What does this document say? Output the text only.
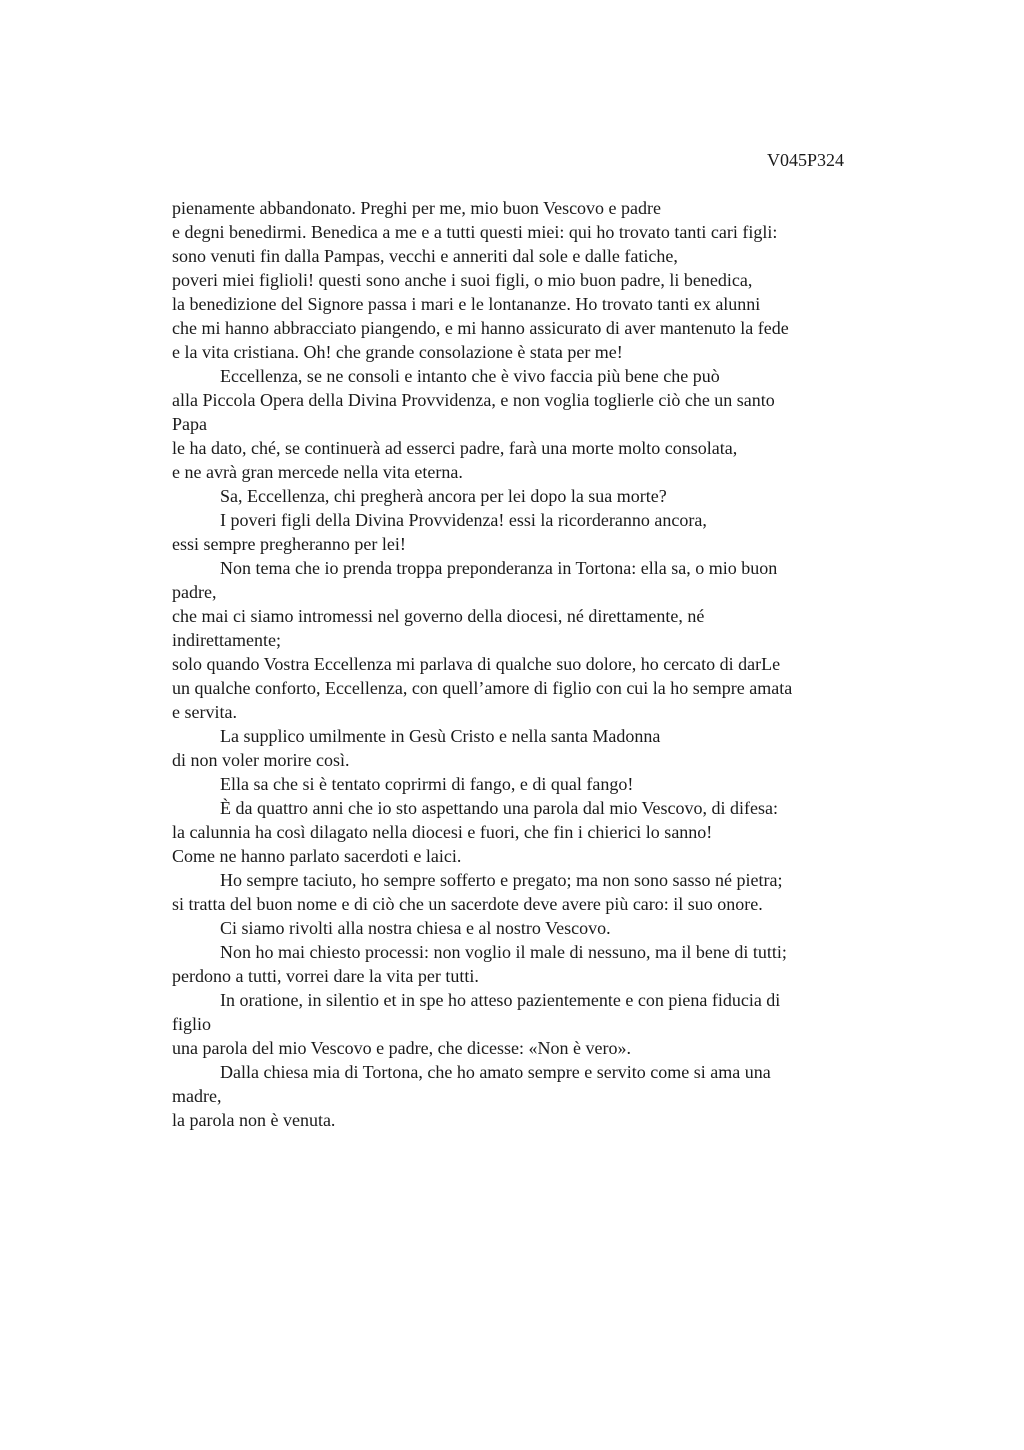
V045P324
pienamente abbandonato. Preghi per me, mio buon Vescovo e padre
e degni benedirmi. Benedica a me e a tutti questi miei: qui ho trovato tanti cari figli:
sono venuti fin dalla Pampas, vecchi e anneriti dal sole e dalle fatiche,
poveri miei figlioli! questi sono anche i suoi figli, o mio buon padre, li benedica,
la benedizione del Signore passa i mari e le lontananze. Ho trovato tanti ex alunni
che mi hanno abbracciato piangendo, e mi hanno assicurato di aver mantenuto la fede
e la vita cristiana. Oh! che grande consolazione è stata per me!
Eccellenza, se ne consoli e intanto che è vivo faccia più bene che può
alla Piccola Opera della Divina Provvidenza, e non voglia toglierle ciò che un santo
Papa
le ha dato, ché, se continuerà ad esserci padre, farà una morte molto consolata,
e ne avrà gran mercede nella vita eterna.
Sa, Eccellenza, chi pregherà ancora per lei dopo la sua morte?
I poveri figli della Divina Provvidenza! essi la ricorderanno ancora,
essi sempre pregheranno per lei!
Non tema che io prenda troppa preponderanza in Tortona: ella sa, o mio buon
padre,
che mai ci siamo intromessi nel governo della diocesi, né direttamente, né
indirettamente;
solo quando Vostra Eccellenza mi parlava di qualche suo dolore, ho cercato di darLe
un qualche conforto, Eccellenza, con quell’amore di figlio con cui la ho sempre amata
e servita.
La supplico umilmente in Gesù Cristo e nella santa Madonna
di non voler morire così.
Ella sa che si è tentato coprirmi di fango, e di qual fango!
È da quattro anni che io sto aspettando una parola dal mio Vescovo, di difesa:
la calunnia ha così dilagato nella diocesi e fuori, che fin i chierici lo sanno!
Come ne hanno parlato sacerdoti e laici.
Ho sempre taciuto, ho sempre sofferto e pregato; ma non sono sasso né pietra;
si tratta del buon nome e di ciò che un sacerdote deve avere più caro: il suo onore.
Ci siamo rivolti alla nostra chiesa e al nostro Vescovo.
Non ho mai chiesto processi: non voglio il male di nessuno, ma il bene di tutti;
perdono a tutti, vorrei dare la vita per tutti.
In oratione, in silentio et in spe ho atteso pazientemente e con piena fiducia di
figlio
una parola del mio Vescovo e padre, che dicesse: «Non è vero».
Dalla chiesa mia di Tortona, che ho amato sempre e servito come si ama una
madre,
la parola non è venuta.
